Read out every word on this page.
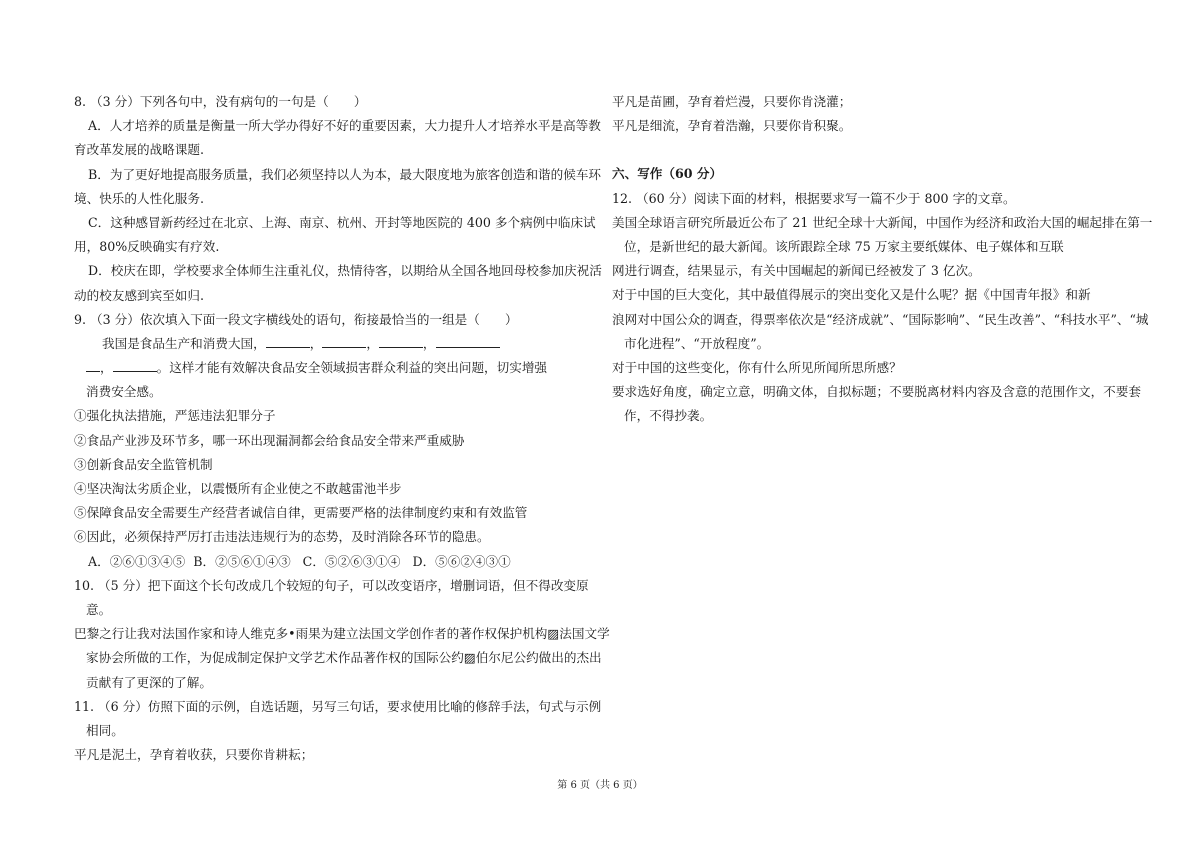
8. （3 分）下列各句中，没有病句的一句是（　　）
A．人才培养的质量是衡量一所大学办得好不好的重要因素，大力提升人才培养水平是高等教
育改革发展的战略课题.
B．为了更好地提高服务质量，我们必须坚持以人为本，最大限度地为旅客创造和谐的候车环
境、快乐的人性化服务.
C．这种感冒新药经过在北京、上海、南京、杭州、开封等地医院的 400 多个病例中临床试
用，80%反映确实有疗效.
D．校庆在即，学校要求全体师生注重礼仪，热情待客，以期给从全国各地回母校参加庆祝活
动的校友感到宾至如归.
9. （3 分）依次填入下面一段文字横线处的语句，衔接最恰当的一组是（　　）
我国是食品生产和消费大国，	，	，	，
，	。这样才能有效解决食品安全领域损害群众利益的突出问题，切实增强
消费安全感。
①强化执法措施，严惩违法犯罪分子
②食品产业涉及环节多，哪一环出现漏洞都会给食品安全带来严重威胁
③创新食品安全监管机制
④坚决淘汰劣质企业，以震慑所有企业使之不敢越雷池半步
⑤保障食品安全需要生产经营者诚信自律，更需要严格的法律制度约束和有效监管
⑥因此，必须保持严厉打击违法违规行为的态势，及时消除各环节的隐患。
A．②⑥①③④⑤  B．②⑤⑥①④③   C．⑤②⑥③①④   D．⑤⑥②④③①
10. （5 分）把下面这个长句改成几个较短的句子，可以改变语序，增删词语，但不得改变原
意。
巴黎之行让我对法国作家和诗人维克多•雨果为建立法国文学创作者的著作权保护机构▨法国文学
家协会所做的工作，为促成制定保护文学艺术作品著作权的国际公约▨伯尔尼公约做出的杰出
贡献有了更深的了解。
11. （6 分）仿照下面的示例，自选话题，另写三句话，要求使用比喻的修辞手法，句式与示例
相同。
平凡是泥土，孕育着收获，只要你肯耕耘；
平凡是苗圃，孕育着烂漫，只要你肯浇灌；
平凡是细流，孕育着浩瀚，只要你肯积聚。
六、写作（60 分）
12. （60 分）阅读下面的材料，根据要求写一篇不少于 800 字的文章。
美国全球语言研究所最近公布了 21 世纪全球十大新闻，中国作为经济和政治大国的崛起排在第一
位，是新世纪的最大新闻。该所跟踪全球 75 万家主要纸媒体、电子媒体和互联
网进行调查，结果显示，有关中国崛起的新闻已经被发了 3 亿次。
对于中国的巨大变化，其中最值得展示的突出变化又是什么呢？据《中国青年报》和新
浪网对中国公众的调查，得票率依次是“经济成就”、“国际影响”、“民生改善”、“科技水平”、“城
市化进程”、“开放程度”。
对于中国的这些变化，你有什么所见所闻所思所感？
要求选好角度，确定立意，明确文体，自拟标题；不要脱离材料内容及含意的范围作文，不要套
作，不得抄袭。
第 6 页（共 6 页）
